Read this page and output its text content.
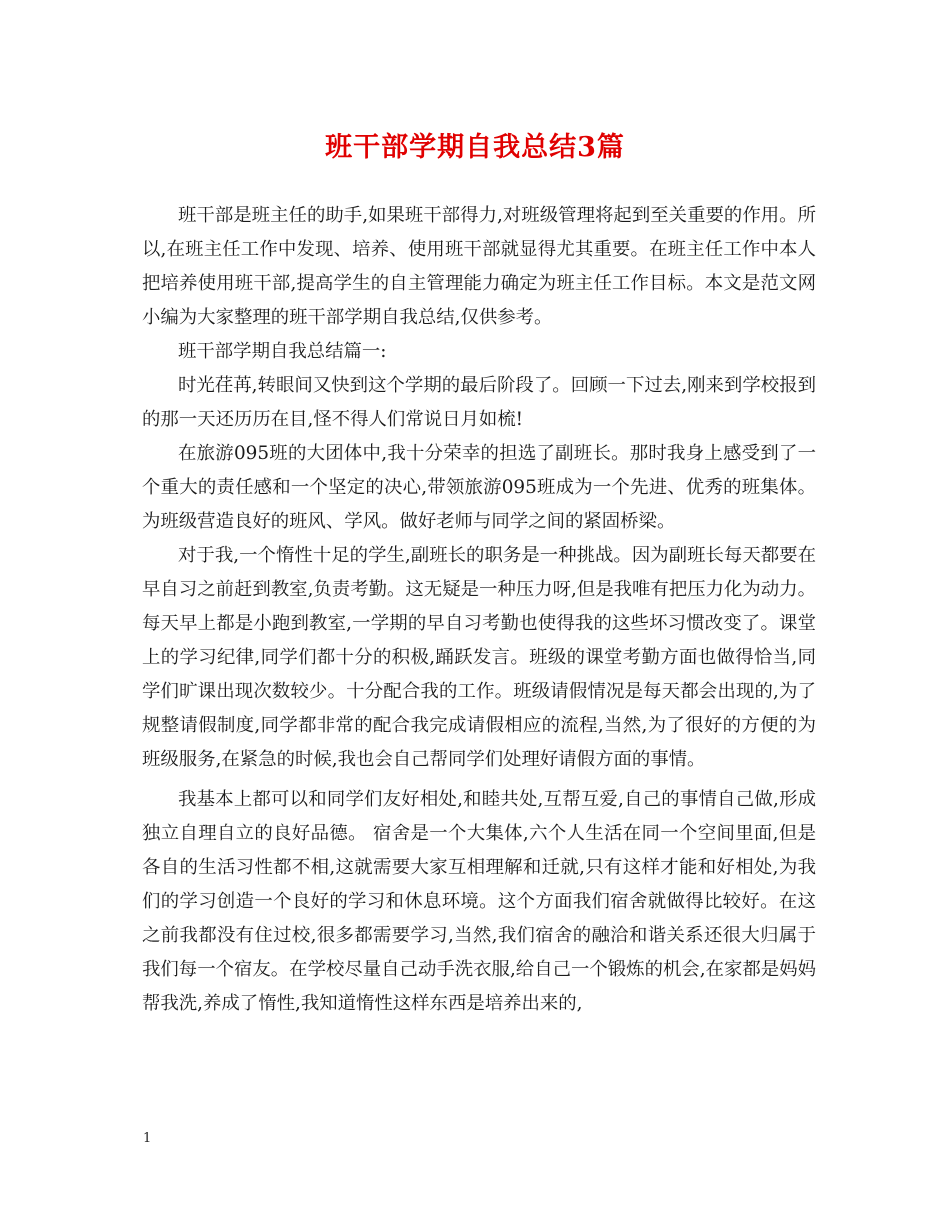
班干部学期自我总结3篇

班干部是班主任的助手,如果班干部得力,对班级管理将起到至关重要的作用。所以,在班主任工作中发现、培养、使用班干部就显得尤其重要。在班主任工作中本人把培养使用班干部,提高学生的自主管理能力确定为班主任工作目标。本文是范文网小编为大家整理的班干部学期自我总结,仅供参考。

班干部学期自我总结篇一:

时光荏苒,转眼间又快到这个学期的最后阶段了。回顾一下过去,刚来到学校报到的那一天还历历在目,怪不得人们常说日月如梳!

在旅游095班的大团体中,我十分荣幸的担选了副班长。那时我身上感受到了一个重大的责任感和一个坚定的决心,带领旅游095班成为一个先进、优秀的班集体。为班级营造良好的班风、学风。做好老师与同学之间的紧固桥梁。

对于我,一个惰性十足的学生,副班长的职务是一种挑战。因为副班长每天都要在早自习之前赶到教室,负责考勤。这无疑是一种压力呀,但是我唯有把压力化为动力。每天早上都是小跑到教室,一学期的早自习考勤也使得我的这些坏习惯改变了。课堂上的学习纪律,同学们都十分的积极,踊跃发言。班级的课堂考勤方面也做得恰当,同学们旷课出现次数较少。十分配合我的工作。班级请假情况是每天都会出现的,为了规整请假制度,同学都非常的配合我完成请假相应的流程,当然,为了很好的方便的为班级服务,在紧急的时候,我也会自己帮同学们处理好请假方面的事情。

我基本上都可以和同学们友好相处,和睦共处,互帮互爱,自己的事情自己做,形成独立自理自立的良好品德。 宿舍是一个大集体,六个人生活在同一个空间里面,但是各自的生活习性都不相,这就需要大家互相理解和迁就,只有这样才能和好相处,为我们的学习创造一个良好的学习和休息环境。这个方面我们宿舍就做得比较好。在这之前我都没有住过校,很多都需要学习,当然,我们宿舍的融洽和谐关系还很大归属于我们每一个宿友。在学校尽量自己动手洗衣服,给自己一个锻炼的机会,在家都是妈妈帮我洗,养成了惰性,我知道惰性这样东西是培养出来的,

1
